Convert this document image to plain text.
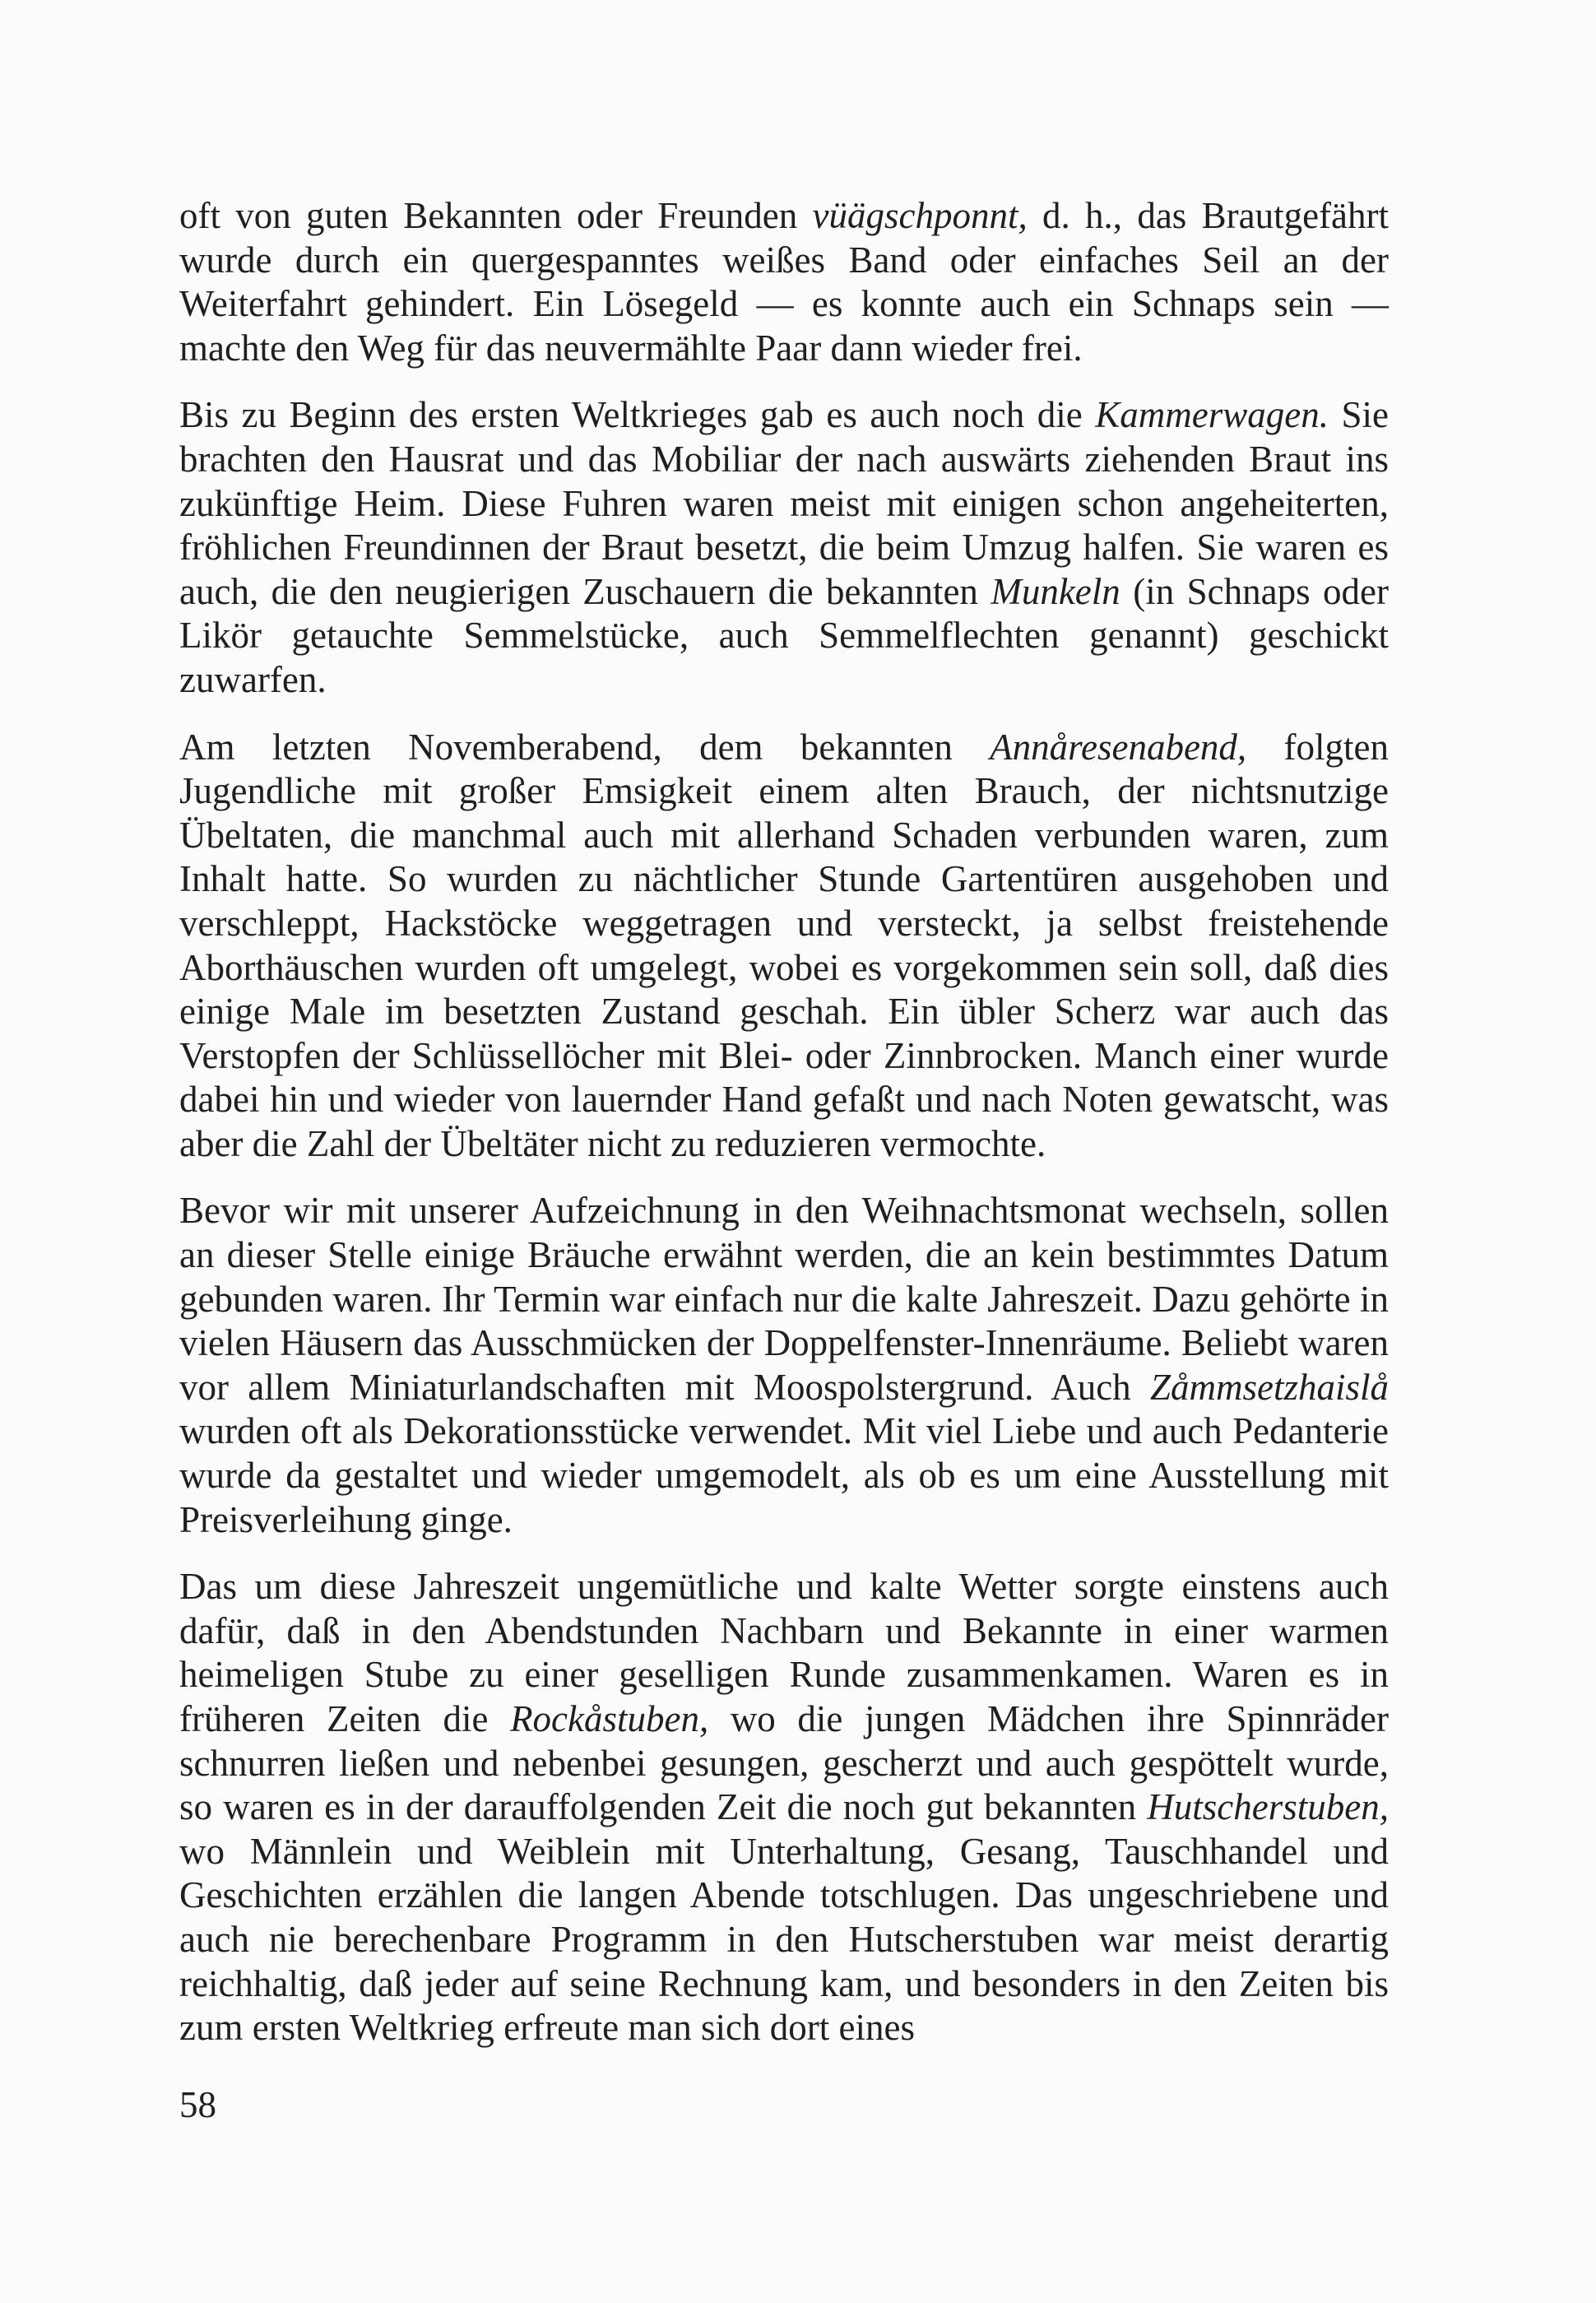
oft von guten Bekannten oder Freunden vüägschponnt, d. h., das Brautgefährt wurde durch ein quergespanntes weißes Band oder einfaches Seil an der Weiterfahrt gehindert. Ein Lösegeld — es konnte auch ein Schnaps sein — machte den Weg für das neuvermählte Paar dann wieder frei.

Bis zu Beginn des ersten Weltkrieges gab es auch noch die Kammerwagen. Sie brachten den Hausrat und das Mobiliar der nach auswärts ziehenden Braut ins zukünftige Heim. Diese Fuhren waren meist mit einigen schon angeheiterten, fröhlichen Freundinnen der Braut besetzt, die beim Umzug halfen. Sie waren es auch, die den neugierigen Zuschauern die bekannten Munkeln (in Schnaps oder Likör getauchte Semmelstücke, auch Semmelflechten genannt) geschickt zuwarfen.

Am letzten Novemberabend, dem bekannten Annåresenabend, folgten Jugendliche mit großer Emsigkeit einem alten Brauch, der nichtsnutzige Übeltaten, die manchmal auch mit allerhand Schaden verbunden waren, zum Inhalt hatte. So wurden zu nächtlicher Stunde Gartentüren ausgehoben und verschleppt, Hackstöcke weggetragen und versteckt, ja selbst freistehende Aborthäuschen wurden oft umgelegt, wobei es vorgekommen sein soll, daß dies einige Male im besetzten Zustand geschah. Ein übler Scherz war auch das Verstopfen der Schlüssellöcher mit Blei- oder Zinnbrocken. Manch einer wurde dabei hin und wieder von lauernder Hand gefaßt und nach Noten gewatscht, was aber die Zahl der Übeltäter nicht zu reduzieren vermochte.

Bevor wir mit unserer Aufzeichnung in den Weihnachtsmonat wechseln, sollen an dieser Stelle einige Bräuche erwähnt werden, die an kein bestimmtes Datum gebunden waren. Ihr Termin war einfach nur die kalte Jahreszeit. Dazu gehörte in vielen Häusern das Ausschmücken der Doppelfenster-Innenräume. Beliebt waren vor allem Miniaturlandschaften mit Moospolstergrund. Auch Zåmmsetzhaislå wurden oft als Dekorationsstücke verwendet. Mit viel Liebe und auch Pedanterie wurde da gestaltet und wieder umgemodelt, als ob es um eine Ausstellung mit Preisverleihung ginge.

Das um diese Jahreszeit ungemütliche und kalte Wetter sorgte einstens auch dafür, daß in den Abendstunden Nachbarn und Bekannte in einer warmen heimeligen Stube zu einer geselligen Runde zusammenkamen. Waren es in früheren Zeiten die Rockåstuben, wo die jungen Mädchen ihre Spinnräder schnurren ließen und nebenbei gesungen, gescherzt und auch gespöttelt wurde, so waren es in der darauffolgenden Zeit die noch gut bekannten Hutscherstuben, wo Männlein und Weiblein mit Unterhaltung, Gesang, Tauschhandel und Geschichten erzählen die langen Abende totschlugen. Das ungeschriebene und auch nie berechenbare Programm in den Hutscherstuben war meist derartig reichhaltig, daß jeder auf seine Rechnung kam, und besonders in den Zeiten bis zum ersten Weltkrieg erfreute man sich dort eines

58
